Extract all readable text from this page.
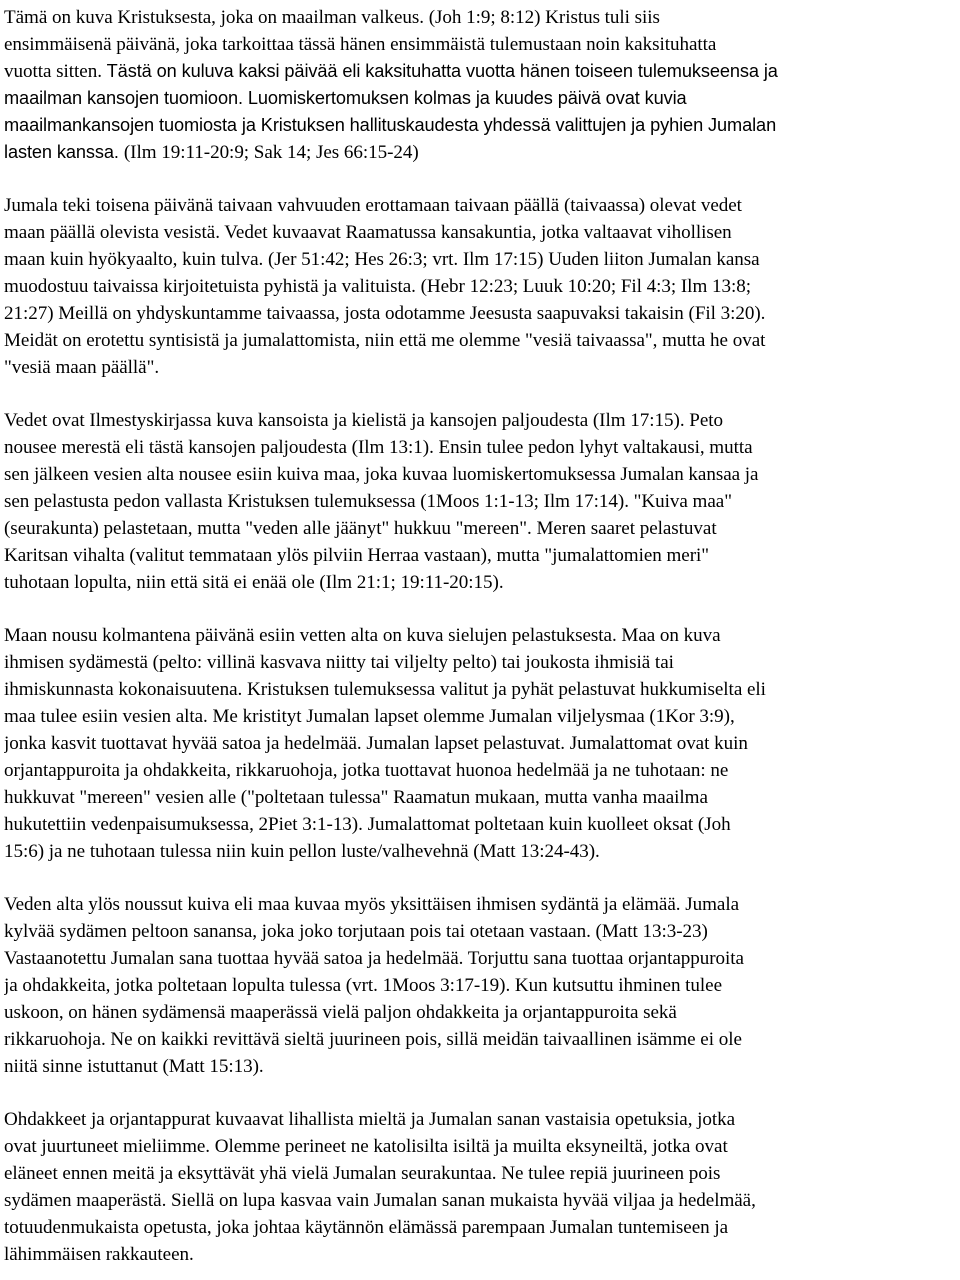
Tämä on kuva Kristuksesta, joka on maailman valkeus. (Joh 1:9; 8:12) Kristus tuli siis
ensimmäisenä päivänä, joka tarkoittaa tässä hänen ensimmäistä tulemustaan noin kaksituhatta
vuotta sitten. Tästä on kuluva kaksi päivää eli kaksituhatta vuotta hänen toiseen tulemukseensa ja
maailman kansojen tuomioon. Luomiskertomuksen kolmas ja kuudes päivä ovat kuvia
maailmankansojen tuomiosta ja Kristuksen hallituskaudesta yhdessä valittujen ja pyhien Jumalan
lasten kanssa. (Ilm 19:11-20:9; Sak 14; Jes 66:15-24)

Jumala teki toisena päivänä taivaan vahvuuden erottamaan taivaan päällä (taivaassa) olevat vedet
maan päällä olevista vesistä. Vedet kuvaavat Raamatussa kansakuntia, jotka valtaavat vihollisen
maan kuin hyökyaalto, kuin tulva. (Jer 51:42; Hes 26:3; vrt. Ilm 17:15) Uuden liiton Jumalan kansa
muodostuu taivaissa kirjoitetuista pyhistä ja valituista. (Hebr 12:23; Luuk 10:20; Fil 4:3; Ilm 13:8;
21:27) Meillä on yhdyskuntamme taivaassa, josta odotamme Jeesusta saapuvaksi takaisin (Fil 3:20).
Meidät on erotettu syntisistä ja jumalattomista, niin että me olemme "vesiä taivaassa", mutta he ovat
"vesiä maan päällä".

Vedet ovat Ilmestyskirjassa kuva kansoista ja kielistä ja kansojen paljoudesta (Ilm 17:15). Peto
nousee merestä eli tästä kansojen paljoudesta (Ilm 13:1). Ensin tulee pedon lyhyt valtakausi, mutta
sen jälkeen vesien alta nousee esiin kuiva maa, joka kuvaa luomiskertomuksessa Jumalan kansaa ja
sen pelastusta pedon vallasta Kristuksen tulemuksessa (1Moos 1:1-13; Ilm 17:14). "Kuiva maa"
(seurakunta) pelastetaan, mutta "veden alle jäänyt" hukkuu "mereen". Meren saaret pelastuvat
Karitsan vihalta (valitut temmataan ylös pilviin Herraa vastaan), mutta "jumalattomien meri"
tuhotaan lopulta, niin että sitä ei enää ole (Ilm 21:1; 19:11-20:15).

Maan nousu kolmantena päivänä esiin vetten alta on kuva sielujen pelastuksesta. Maa on kuva
ihmisen sydämestä (pelto: villinä kasvava niitty tai viljelty pelto) tai joukosta ihmisiä tai
ihmiskunnasta kokonaisuutena. Kristuksen tulemuksessa valitut ja pyhät pelastuvat hukkumiselta eli
maa tulee esiin vesien alta. Me kristityt Jumalan lapset olemme Jumalan viljelysmaa (1Kor 3:9),
jonka kasvit tuottavat hyvää satoa ja hedelmää. Jumalan lapset pelastuvat. Jumalattomat ovat kuin
orjantappuroita ja ohdakkeita, rikkaruohoja, jotka tuottavat huonoa hedelmää ja ne tuhotaan: ne
hukkuvat "mereen" vesien alle ("poltetaan tulessa" Raamatun mukaan, mutta vanha maailma
hukutettiin vedenpaisumuksessa, 2Piet 3:1-13). Jumalattomat poltetaan kuin kuolleet oksat (Joh
15:6) ja ne tuhotaan tulessa niin kuin pellon luste/valhevehnä (Matt 13:24-43).

Veden alta ylös noussut kuiva eli maa kuvaa myös yksittäisen ihmisen sydäntä ja elämää. Jumala
kylvää sydämen peltoon sanansa, joka joko torjutaan pois tai otetaan vastaan. (Matt 13:3-23)
Vastaanotettu Jumalan sana tuottaa hyvää satoa ja hedelmää. Torjuttu sana tuottaa orjantappuroita
ja ohdakkeita, jotka poltetaan lopulta tulessa (vrt. 1Moos 3:17-19). Kun kutsuttu ihminen tulee
uskoon, on hänen sydämensä maaperässä vielä paljon ohdakkeita ja orjantappuroita sekä
rikkaruohoja. Ne on kaikki revittävä sieltä juurineen pois, sillä meidän taivaallinen isämme ei ole
niitä sinne istuttanut (Matt 15:13).

Ohdakkeet ja orjantappurat kuvaavat lihallista mieltä ja Jumalan sanan vastaisia opetuksia, jotka
ovat juurtuneet mieliimme. Olemme perineet ne katolisilta isiltä ja muilta eksyneiltä, jotka ovat
eläneet ennen meitä ja eksyttävät yhä vielä Jumalan seurakuntaa. Ne tulee repiä juurineen pois
sydämen maaperästä. Siellä on lupa kasvaa vain Jumalan sanan mukaista hyvää viljaa ja hedelmää,
totuudenmukaista opetusta, joka johtaa käytännön elämässä parempaan Jumalan tuntemiseen ja
lähimmäisen rakkauteen.
